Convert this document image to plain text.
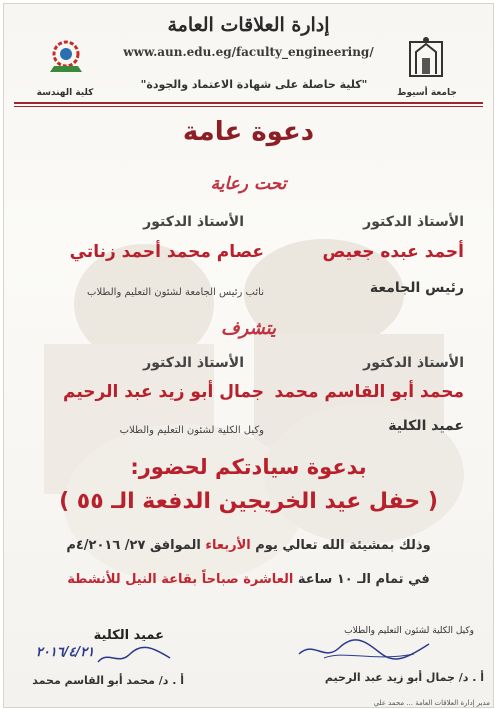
إدارة العلاقات العامة
www.aun.edu.eg/faculty_engineering/
كلية الهندسة	جامعة أسيوط
"كلية حاصلة على شهادة الاعتماد والجودة"
دعوة عامة
تحت رعاية
الأستاذ الدكتور
أحمد عبده جعيص
رئيس الجامعة
الأستاذ الدكتور
عصام محمد أحمد زناتي
نائب رئيس الجامعة لشئون التعليم والطلاب
يتشرف
الأستاذ الدكتور
محمد أبو القاسم محمد
عميد الكلية
الأستاذ الدكتور
جمال أبو زيد عبد الرحيم
وكيل الكلية لشئون التعليم والطلاب
بدعوة سيادتكم لحضور:
( حفل عيد الخريجين الدفعة الـ ٥٥ )
وذلك بمشيئة الله تعالي يوم الأربعاء الموافق ٢٧/ ٤/٢٠١٦م
في تمام الـ ١٠ ساعة العاشرة صباحاً بقاعة النيل للأنشطة
وكيل الكلية لشئون التعليم والطلاب
أ . د/ جمال أبو زيد عبد الرحيم
عميد الكلية
٢٠١٦/٤/٢١
أ . د/ محمد أبو القاسم محمد
مدير إدارة العلاقات العامة ... محمد علي
